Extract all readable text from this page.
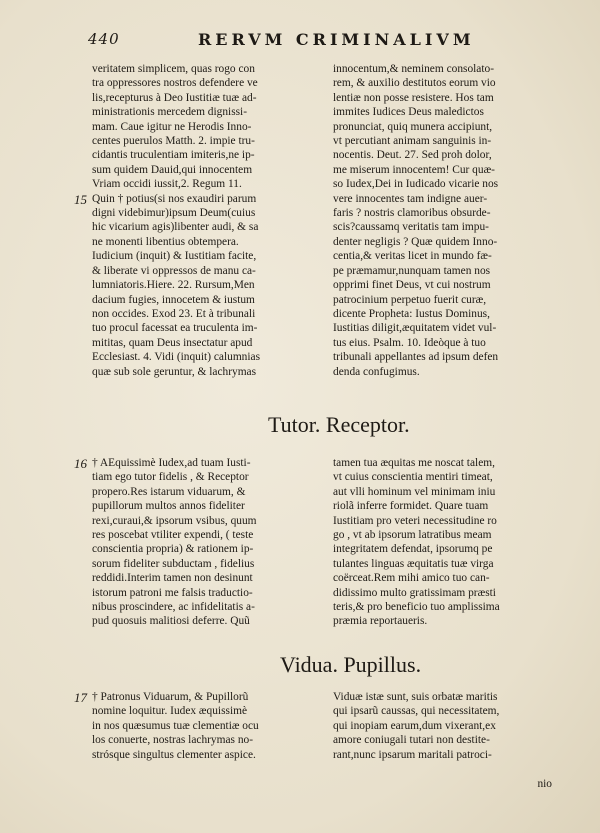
440	RERVM CRIMINALIVM
veritatem simplicem, quas rogo con
tra oppressores nostros defendere ve
lis,recepturus à Deo Iustitiæ tuæ ad-
ministrationis mercedem dignissi-
mam. Caue igitur ne Herodis Inno-
centes puerulos Matth. 2. impie tru-
cidantis truculentiam imiteris,ne ip-
sum quidem Dauid,qui innocentem
Vriam occidi iussit,2. Regum 11.
Quin † potius(si nos exaudiri parum
digni videbimur)ipsum Deum(cuius
hic vicarium agis)libenter audi, & sa
ne monenti libentius obtempera.
Iudicium (inquit) & Iustitiam facite,
& liberate vi oppressos de manu ca-
lumniatoris.Hiere. 22. Rursum,Men
dacium fugies, innocetem & iustum
non occides. Exod 23. Et à tribunali
tuo procul facessat ea truculenta im-
mititas, quam Deus insectatur apud
Ecclesiast. 4. Vidi (inquit) calumnias
quæ sub sole geruntur, & lachrymas
15
innocentum,& neminem consolato-
rem, & auxilio destitutos eorum vio
lentiæ non posse resistere. Hos tam
immites Iudices Deus maledictos
pronunciat, quiq munera accipiunt,
vt percutiant animam sanguinis in-
nocentis. Deut. 27. Sed proh dolor,
me miserum innocentem! Cur quæ-
so Iudex,Dei in Iudicado vicarie nos
vere innocentes tam indigne auer-
faris ? nostris clamoribus obsurde-
scis?caussamq veritatis tam impu-
denter negligis ? Quæ quidem Inno-
centia,& veritas licet in mundo fæ-
pe præmamur,nunquam tamen nos
opprimi finet Deus, vt cui nostrum
patrocinium perpetuo fuerit curæ,
dicente Propheta: Iustus Dominus,
Iustitias diligit,æquitatem videt vul-
tus eius. Psalm. 10. Ideòque à tuo
tribunali appellantes ad ipsum defen
denda confugimus.
Tutor. Receptor.
16 † AEquissimè Iudex,ad tuam Iusti-
tiam ego tutor fidelis , & Receptor
propero.Res istarum viduarum, &
pupillorum multos annos fideliter
rexi,curaui,& ipsorum vsibus, quum
res poscebat vtiliter expendi, ( teste
conscientia propria) & rationem ip-
sorum fideliter subductam , fidelius
reddidi.Interim tamen non desinunt
istorum patroni me falsis traductio-
nibus proscindere, ac infidelitatis a-
pud quosuis malitiosi deferre. Quũ
tamen tua æquitas me noscat talem,
vt cuius conscientia mentiri timeat,
aut vlli hominum vel minimam iniu
riolã inferre formidet. Quare tuam
Iustitiam pro veteri necessitudine ro
go , vt ab ipsorum latratibus meam
integritatem defendat, ipsorumq pe
tulantes linguas æquitatis tuæ virga
coërceat.Rem mihi amico tuo can-
didissimo multo gratissimam præsti
teris,& pro beneficio tuo amplissima
præmia reportaueris.
Vidua. Pupillus.
17 † Patronus Viduarum, & Pupillorũ
nomine loquitur. Iudex æquissimè
in nos quæsumus tuæ clementiæ ocu
los conuerte, nostras lachrymas no-
strósque singultus clementer aspice.
Viduæ istæ sunt, suis orbatæ maritis
qui ipsarũ caussas, qui necessitatem,
qui inopiam earum,dum vixerant,ex
amore coniugali tutari non destite-
rant,nunc ipsarum maritali patroci-
nio
